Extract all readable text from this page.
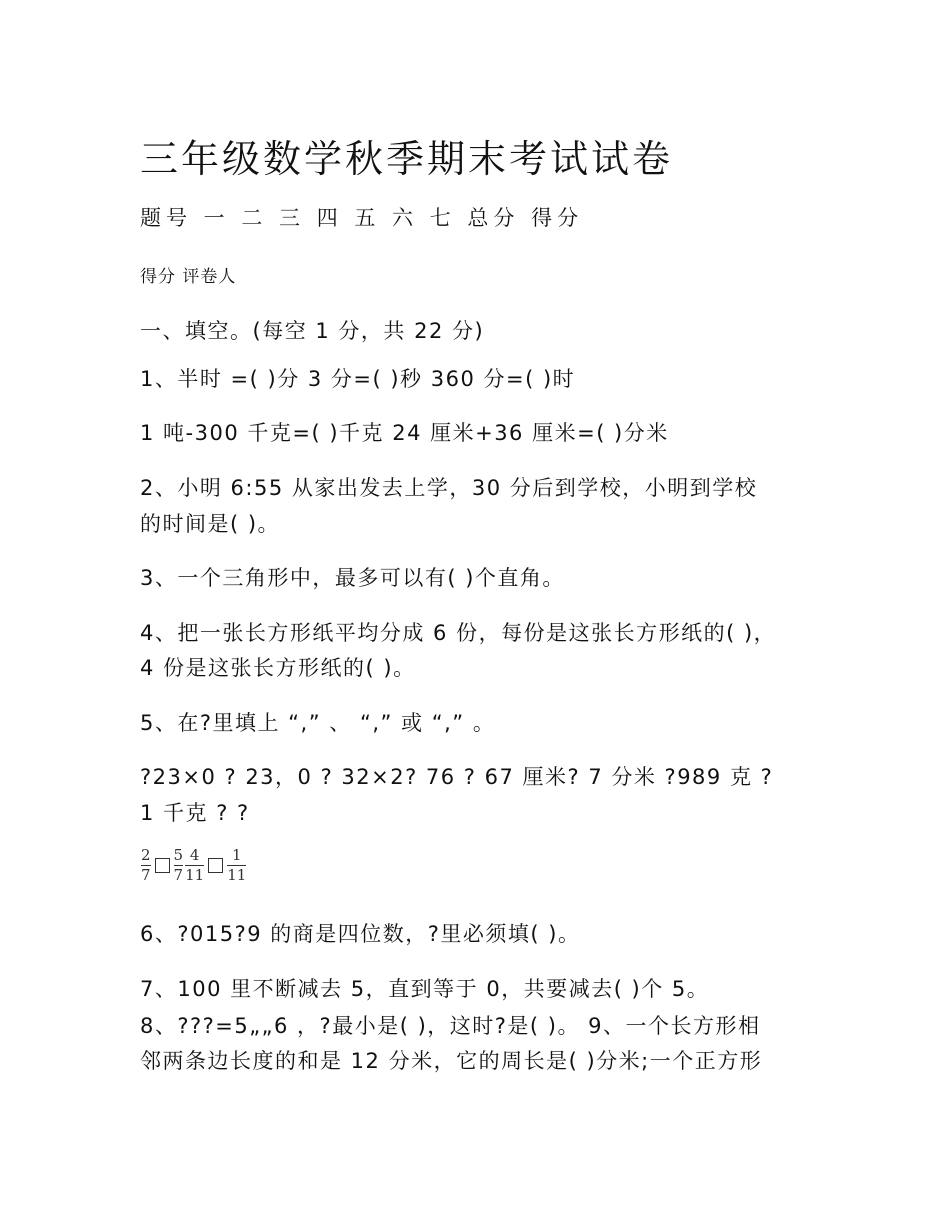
三年级数学秋季期末考试试卷
题号 一 二 三 四 五 六 七 总分 得分
得分 评卷人
一、填空。(每空 1 分，共 22 分)
1、半时 =( )分 3 分=( )秒 360 分=( )时
1 吨-300 千克=( )千克 24 厘米+36 厘米=( )分米
2、小明 6:55 从家出发去上学，30 分后到学校，小明到学校
的时间是( )。
3、一个三角形中，最多可以有( )个直角。
4、把一张长方形纸平均分成 6 份，每份是这张长方形纸的( )，
4 份是这张长方形纸的( )。
5、在?里填上 “,” 、 “,” 或 “,” 。
?23×0 ? 23，0 ? 32×2? 76 ? 67 厘米? 7 分米 ?989 克 ?
1 千克 ? ?
$\frac{2}{7} \frac{5}{7} \frac{4}{11} \frac{1}{11}$
6、?015?9 的商是四位数，?里必须填( )。
7、100 里不断减去 5，直到等于 0，共要减去( )个 5。
8、???=5„„6 ，?最小是( )，这时?是( )。 9、一个长方形相
邻两条边长度的和是 12 分米，它的周长是( )分米;一个正方形
